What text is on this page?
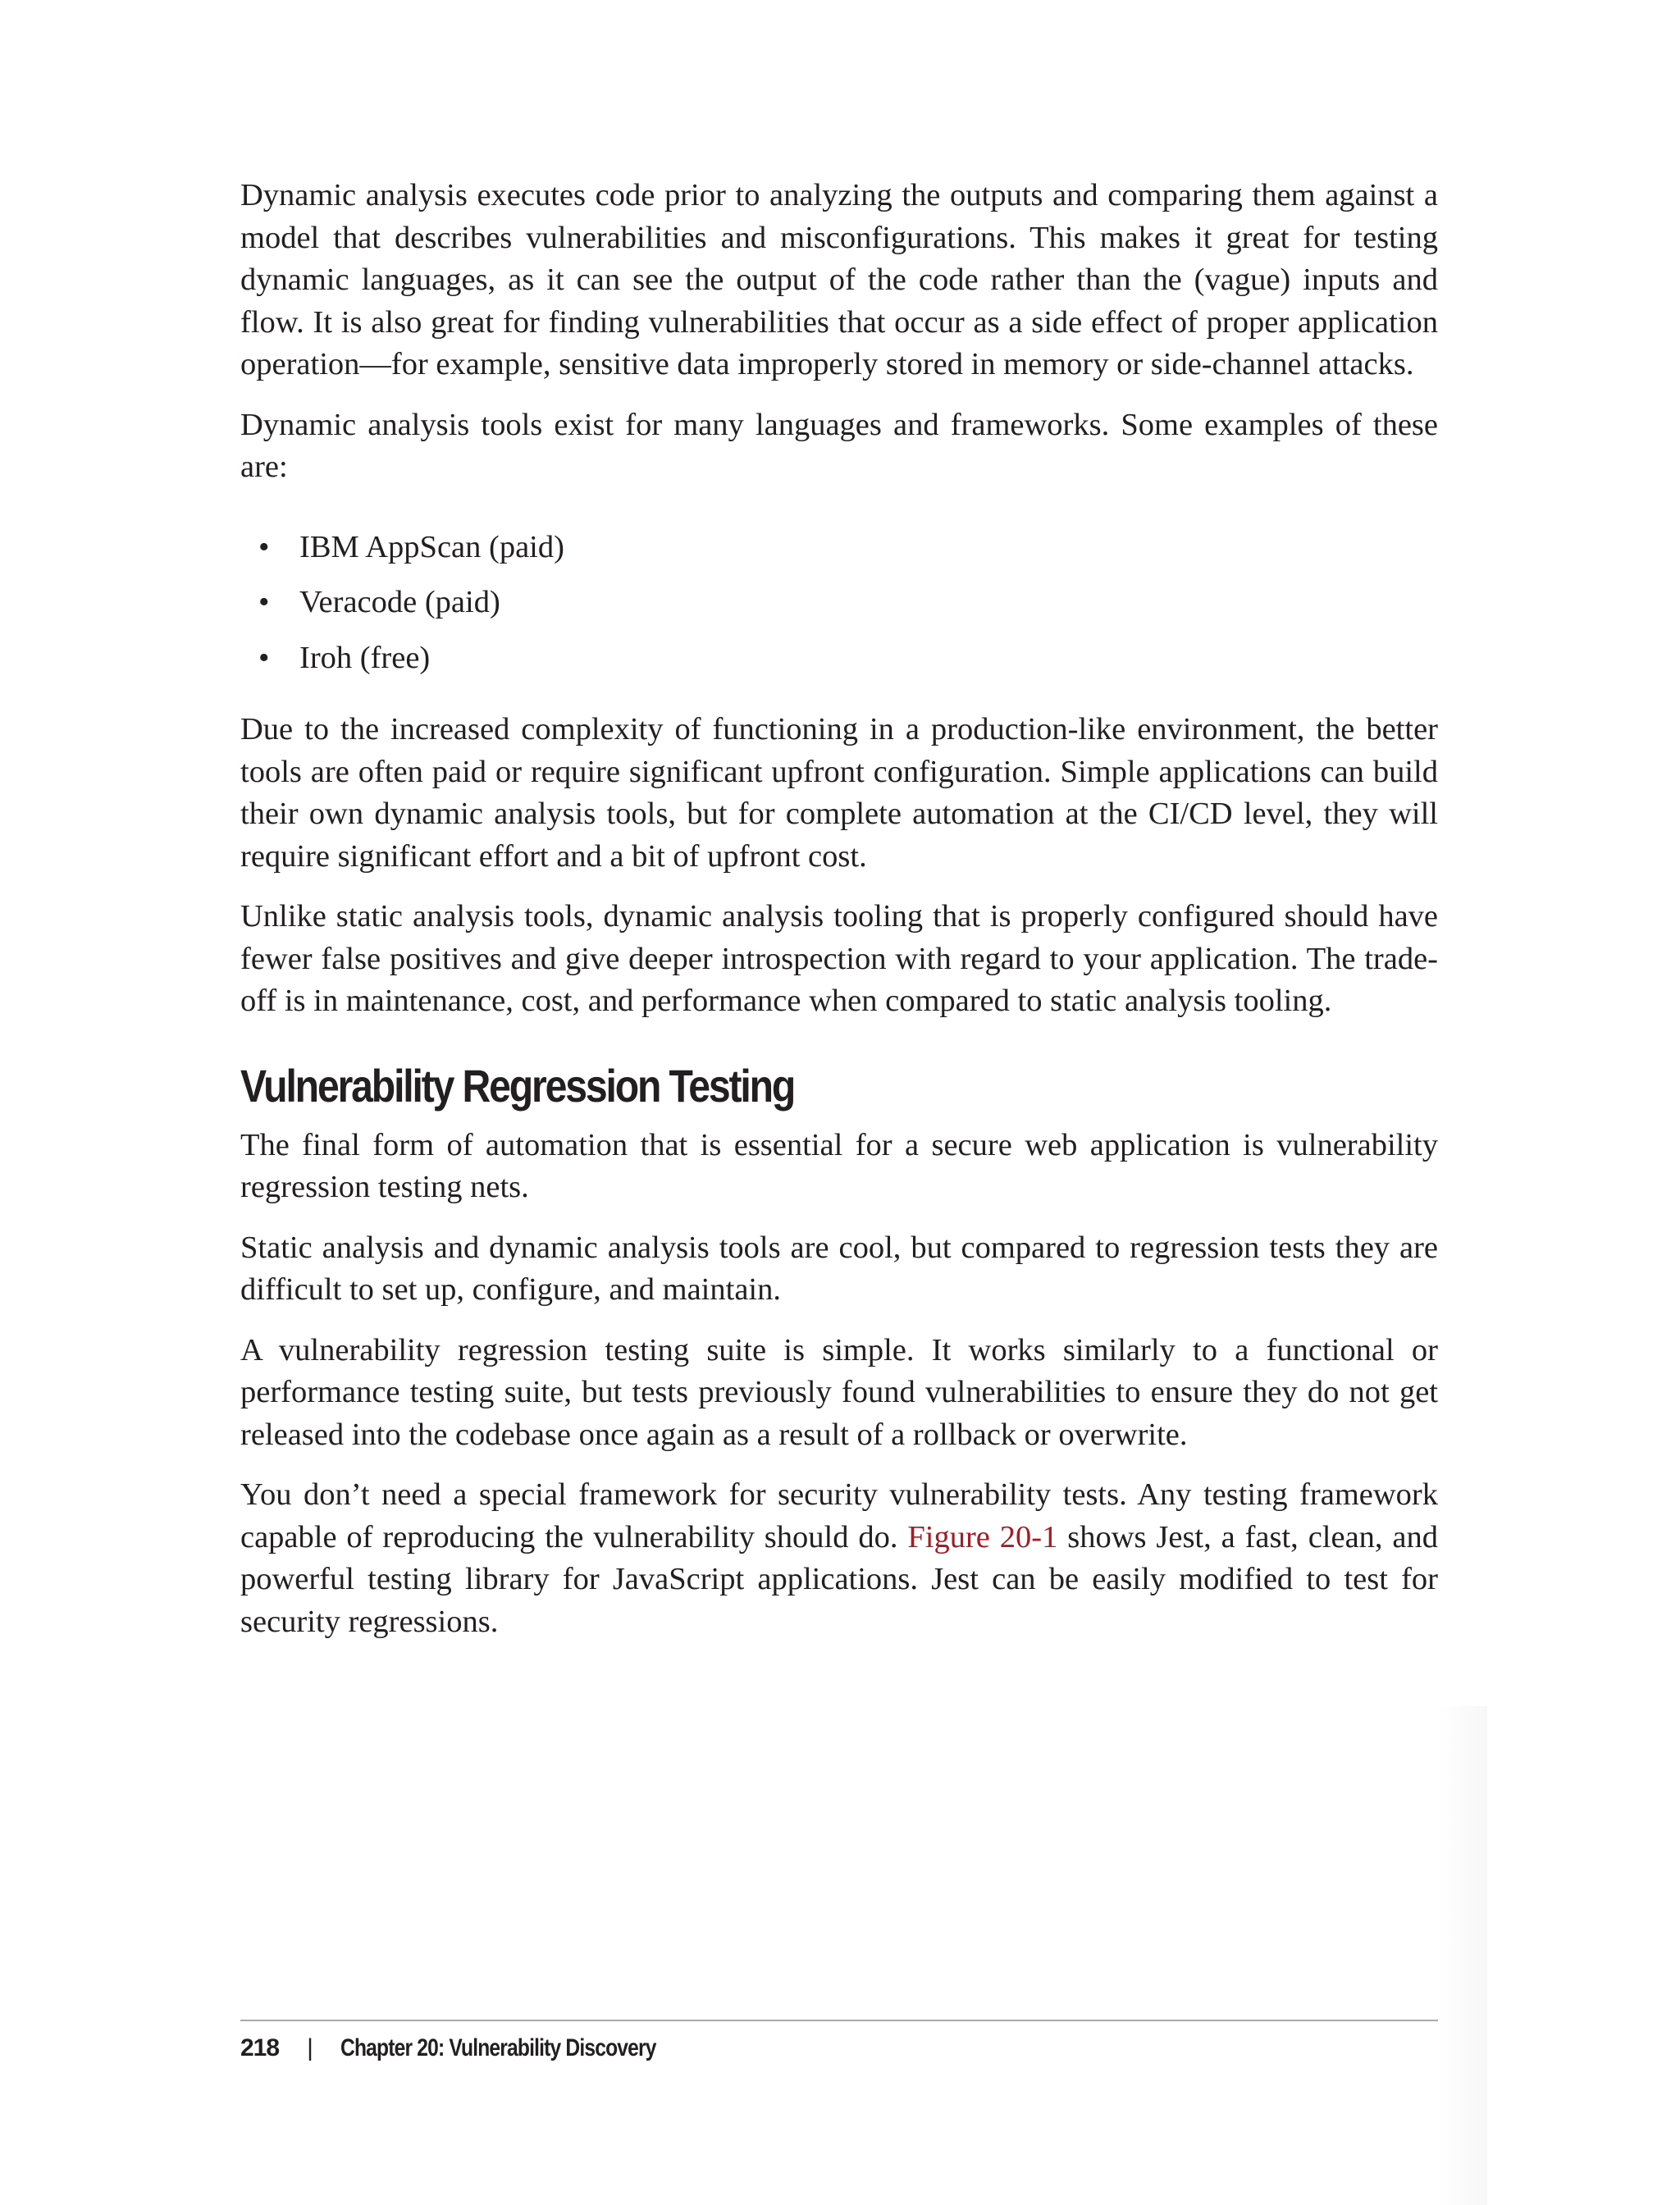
Dynamic analysis executes code prior to analyzing the outputs and comparing them against a model that describes vulnerabilities and misconfigurations. This makes it great for testing dynamic languages, as it can see the output of the code rather than the (vague) inputs and flow. It is also great for finding vulnerabilities that occur as a side effect of proper application operation—for example, sensitive data improperly stored in memory or side-channel attacks.

Dynamic analysis tools exist for many languages and frameworks. Some examples of these are:

• IBM AppScan (paid)
• Veracode (paid)
• Iroh (free)

Due to the increased complexity of functioning in a production-like environment, the better tools are often paid or require significant upfront configuration. Simple applications can build their own dynamic analysis tools, but for complete automation at the CI/CD level, they will require significant effort and a bit of upfront cost.

Unlike static analysis tools, dynamic analysis tooling that is properly configured should have fewer false positives and give deeper introspection with regard to your application. The trade-off is in maintenance, cost, and performance when compared to static analysis tooling.

Vulnerability Regression Testing

The final form of automation that is essential for a secure web application is vulnerability regression testing nets.

Static analysis and dynamic analysis tools are cool, but compared to regression tests they are difficult to set up, configure, and maintain.

A vulnerability regression testing suite is simple. It works similarly to a functional or performance testing suite, but tests previously found vulnerabilities to ensure they do not get released into the codebase once again as a result of a rollback or overwrite.

You don’t need a special framework for security vulnerability tests. Any testing framework capable of reproducing the vulnerability should do. Figure 20-1 shows Jest, a fast, clean, and powerful testing library for JavaScript applications. Jest can be easily modified to test for security regressions.

218 | Chapter 20: Vulnerability Discovery
